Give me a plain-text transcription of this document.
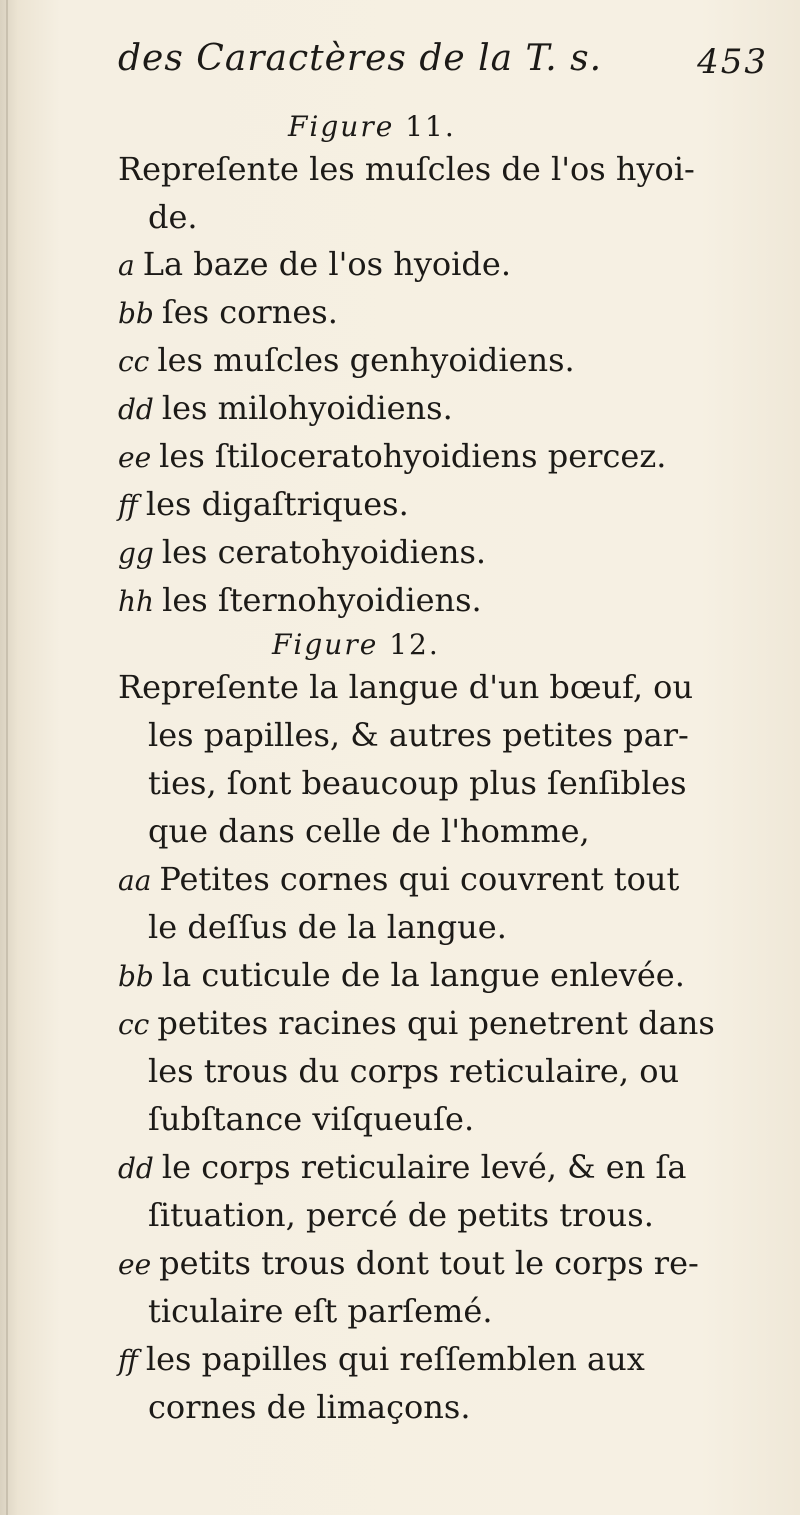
des Caractères de la T. s.	453
Figure 11.
Repreſente les muſcles de l'os hyoi-
de.
a La baze de l'os hyoide.
bb ſes cornes.
cc les muſcles genhyoidiens.
dd les milohyoidiens.
ee les ſtiloceratohyoidiens percez.
ff les digaſtriques.
gg les ceratohyoidiens.
hh les ſternohyoidiens.
Figure 12.
Repreſente la langue d'un bœuf, ou
les papilles, & autres petites par-
ties, ſont beaucoup plus ſenſibles
que dans celle de l'homme,
aa Petites cornes qui couvrent tout
le deſſus de la langue.
bb la cuticule de la langue enlevée.
cc petites racines qui penetrent dans
les trous du corps reticulaire, ou
ſubſtance viſqueuſe.
dd le corps reticulaire levé, & en ſa
ſituation, percé de petits trous.
ee petits trous dont tout le corps re-
ticulaire eſt parſemé.
ff les papilles qui reſſemblen aux
cornes de limaçons.
